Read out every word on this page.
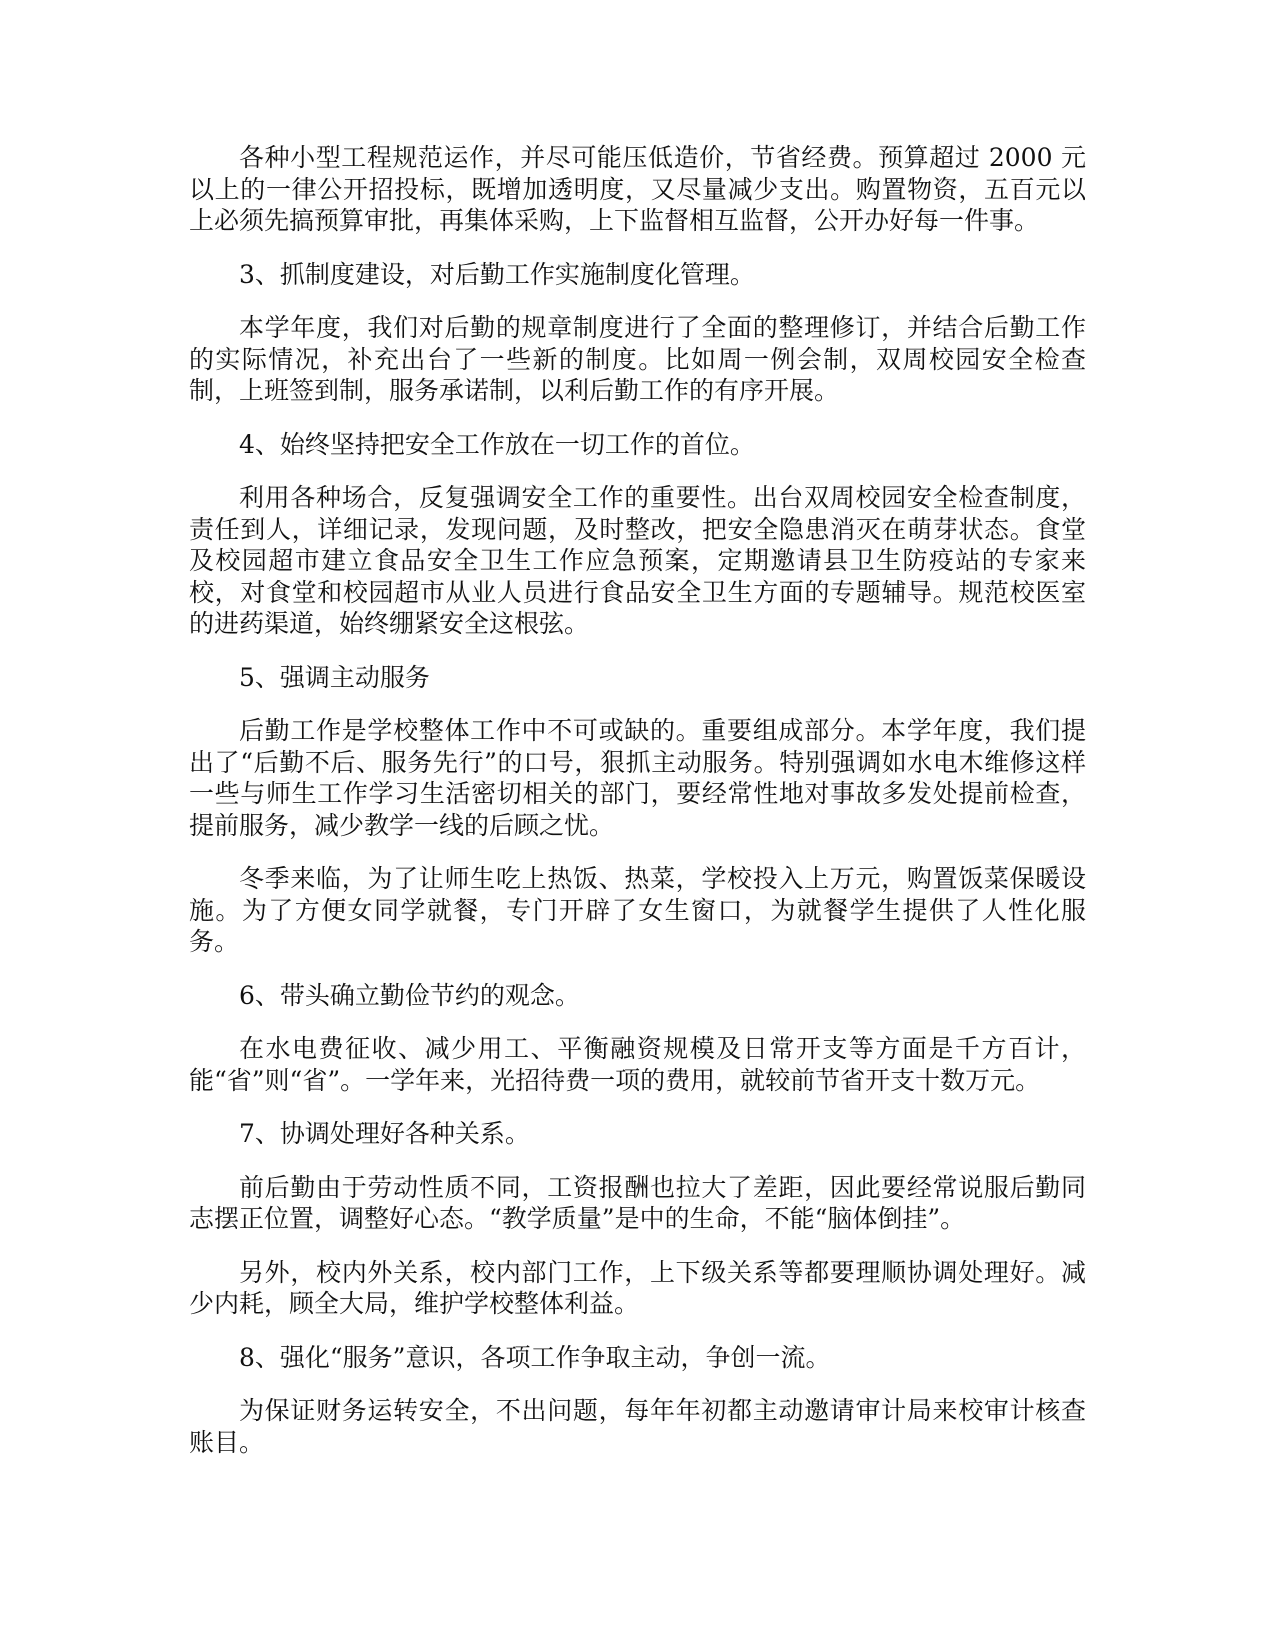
各种小型工程规范运作，并尽可能压低造价，节省经费。预算超过 2000 元以上的一律公开招投标，既增加透明度，又尽量减少支出。购置物资，五百元以上必须先搞预算审批，再集体采购，上下监督相互监督，公开办好每一件事。

3、抓制度建设，对后勤工作实施制度化管理。

本学年度，我们对后勤的规章制度进行了全面的整理修订，并结合后勤工作的实际情况，补充出台了一些新的制度。比如周一例会制，双周校园安全检查制，上班签到制，服务承诺制，以利后勤工作的有序开展。

4、始终坚持把安全工作放在一切工作的首位。

利用各种场合，反复强调安全工作的重要性。出台双周校园安全检查制度，责任到人，详细记录，发现问题，及时整改，把安全隐患消灭在萌芽状态。食堂及校园超市建立食品安全卫生工作应急预案，定期邀请县卫生防疫站的专家来校，对食堂和校园超市从业人员进行食品安全卫生方面的专题辅导。规范校医室的进药渠道，始终绷紧安全这根弦。

5、强调主动服务

后勤工作是学校整体工作中不可或缺的。重要组成部分。本学年度，我们提出了“后勤不后、服务先行”的口号，狠抓主动服务。特别强调如水电木维修这样一些与师生工作学习生活密切相关的部门，要经常性地对事故多发处提前检查，提前服务，减少教学一线的后顾之忧。

冬季来临，为了让师生吃上热饭、热菜，学校投入上万元，购置饭菜保暖设施。为了方便女同学就餐，专门开辟了女生窗口，为就餐学生提供了人性化服务。

6、带头确立勤俭节约的观念。

在水电费征收、减少用工、平衡融资规模及日常开支等方面是千方百计，能“省”则“省”。一学年来，光招待费一项的费用，就较前节省开支十数万元。

7、协调处理好各种关系。

前后勤由于劳动性质不同，工资报酬也拉大了差距，因此要经常说服后勤同志摆正位置，调整好心态。“教学质量”是中的生命，不能“脑体倒挂”。

另外，校内外关系，校内部门工作，上下级关系等都要理顺协调处理好。减少内耗，顾全大局，维护学校整体利益。

8、强化“服务”意识，各项工作争取主动，争创一流。

为保证财务运转安全，不出问题，每年年初都主动邀请审计局来校审计核查账目。
